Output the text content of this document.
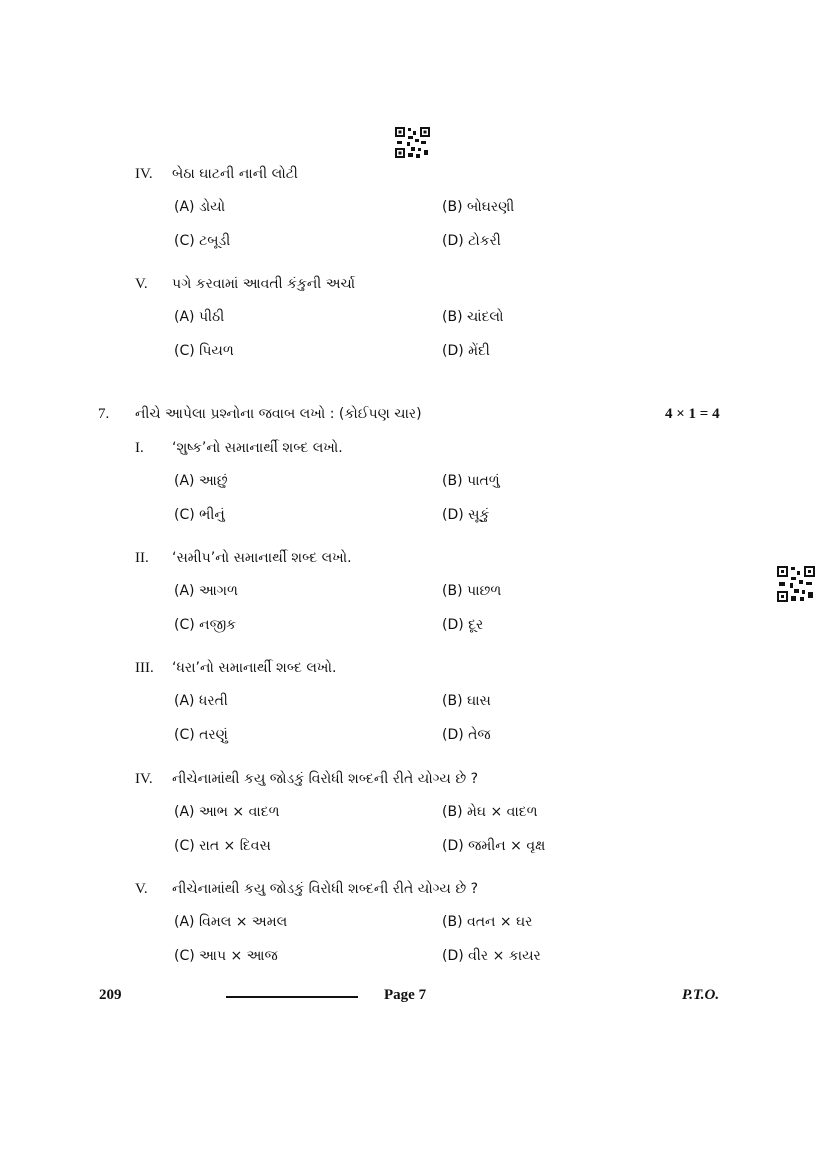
IV. બેઠા ઘાટની નાની લોટી
(A) ડોયો	(B) બોઘરણી
(C) ટબૂડી	(D) ટોકરી
V. પગે કરવામાં આવતી કંકુની અર્ચા
(A) પીઠી	(B) ચાંદલો
(C) પિયળ	(D) મેંદી
7. નીચે આપેલા પ્રશ્નોના જવાબ લખો : (કોઈપણ ચાર)	4 × 1 = 4
I. ‘શુષ્ક’નો સમાનાર્થી શબ્દ લખો.
(A) આછું	(B) પાતળું
(C) ભીનું	(D) સૂકું
II. ‘સમીપ’નો સમાનાર્થી શબ્દ લખો.
(A) આગળ	(B) પાછળ
(C) નજીક	(D) દૂર
III. ‘ધરા’નો સમાનાર્થી શબ્દ લખો.
(A) ધરતી	(B) ઘાસ
(C) તરણું	(D) તેજ
IV. નીચેનામાંથી કયુ જોડકું વિરોધી શબ્દની રીતે યોગ્ય છે ?
(A) આભ × વાદળ	(B) મેઘ × વાદળ
(C) રાત × દિવસ	(D) જમીન × વૃક્ષ
V. નીચેનામાંથી કયુ જોડકું વિરોધી શબ્દની રીતે યોગ્ય છે ?
(A) વિમલ × અમલ	(B) વતન × ઘર
(C) આપ × આજ	(D) વીર × કાયર
209	Page 7	P.T.O.
